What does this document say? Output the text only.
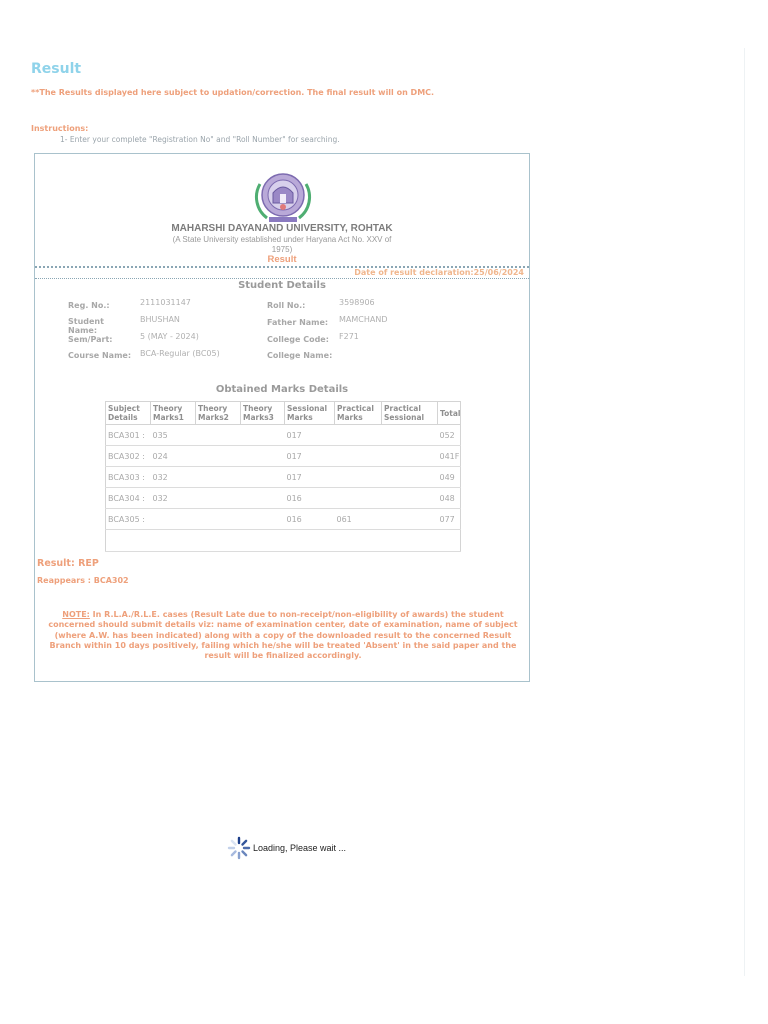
Result
**The Results displayed here subject to updation/correction. The final result will on DMC.
Instructions:
1- Enter your complete "Registration No" and "Roll Number" for searching.
MAHARSHI DAYANAND UNIVERSITY, ROHTAK
(A State University established under Haryana Act No. XXV of 1975)
Result
Date of result declaration:25/06/2024
Student Details
Reg. No.:	2111031147	Roll No.:	3598906
Student Name:
BHUSHAN	Father Name: MAMCHAND
Sem/Part:	5 (MAY - 2024)	College Code: F271
Course Name: BCA-Regular (BC05)	College Name:
Obtained Marks Details
Subject Details	Theory Marks1	Theory Marks2	Theory Marks3	Sessional Marks	Practical Marks	Practical Sessional	Total
BCA301 :	035			017			052
BCA302 :	024			017			041F
BCA303 :	032			017			049
BCA304 :	032			016			048
BCA305 :				016	061		077

Result: REP
Reappears : BCA302
NOTE: In R.L.A./R.L.E. cases (Result Late due to non-receipt/non-eligibility of awards) the student concerned should submit details viz: name of examination center, date of examination, name of subject (where A.W. has been indicated) along with a copy of the downloaded result to the concerned Result Branch within 10 days positively, failing which he/she will be treated 'Absent' in the said paper and the result will be finalized accordingly.
Loading, Please wait ...
